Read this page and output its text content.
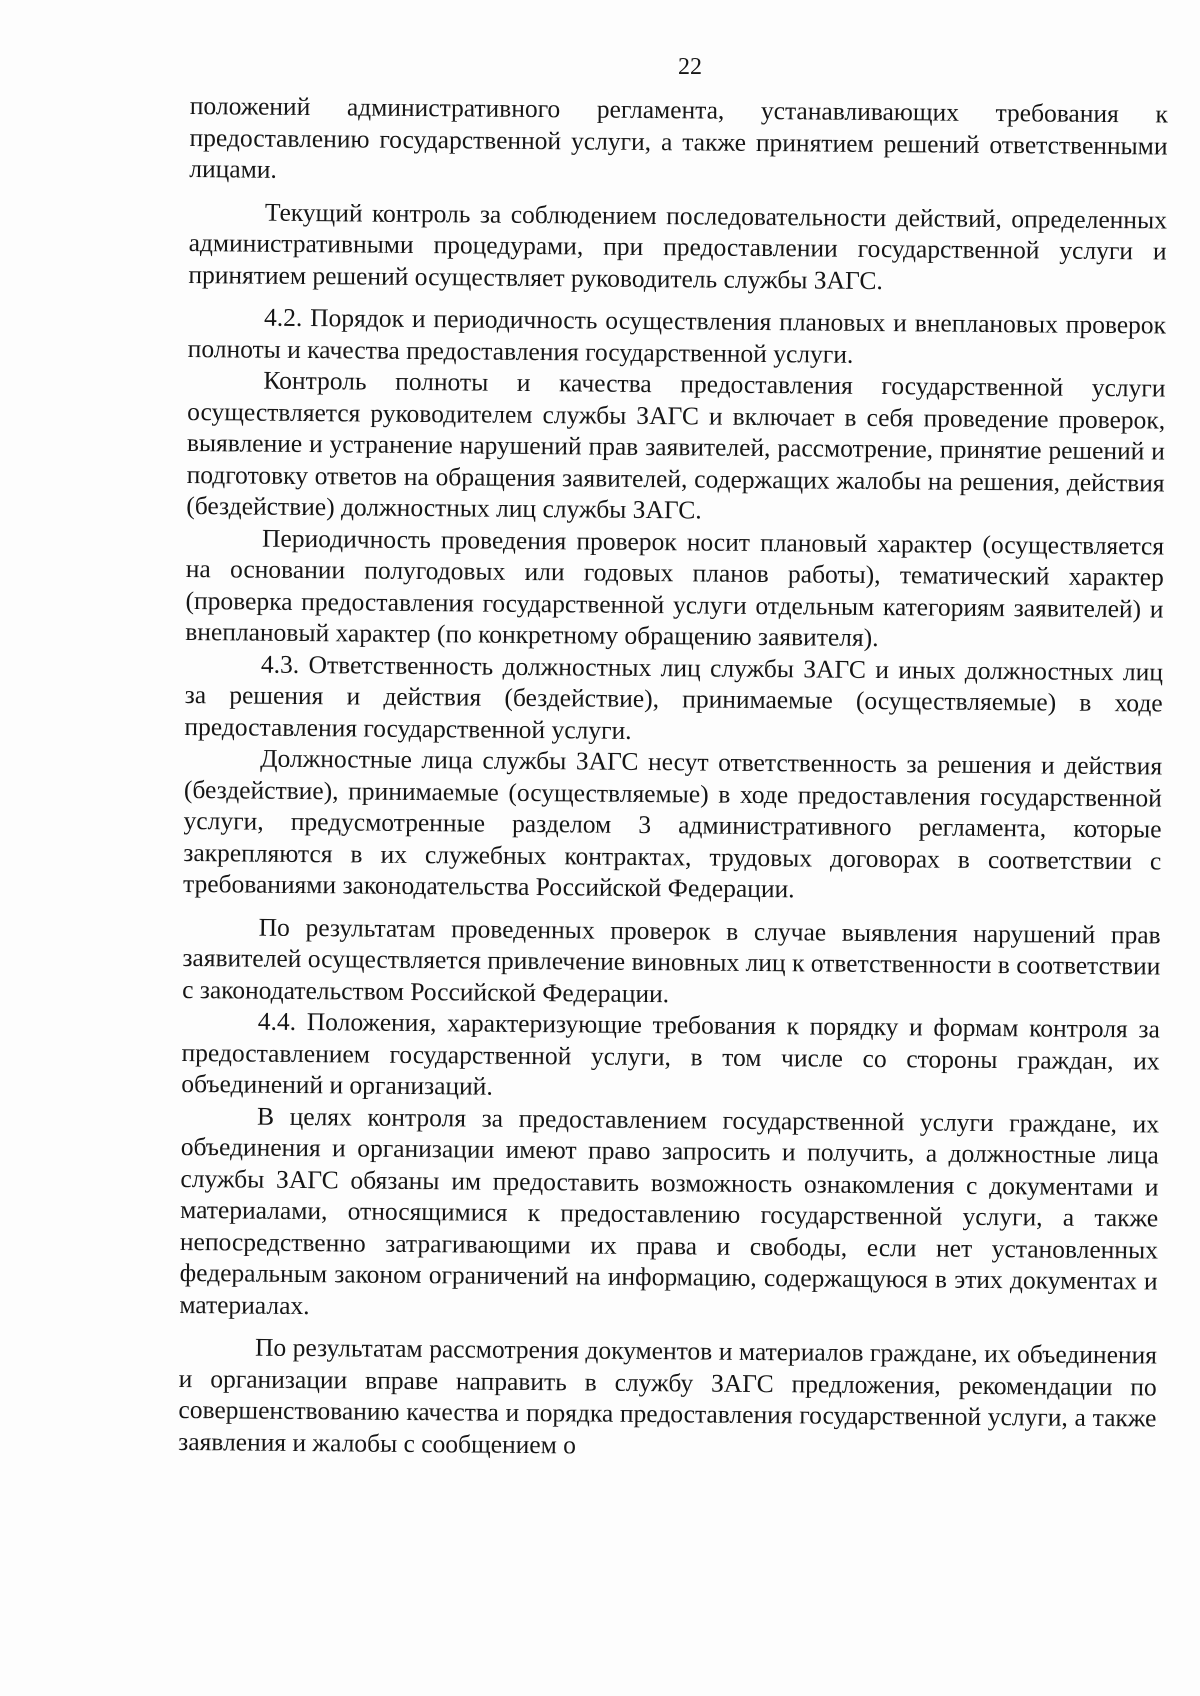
22

положений административного регламента, устанавливающих требования к предоставлению государственной услуги, а также принятием решений ответственными лицами.

Текущий контроль за соблюдением последовательности действий, определенных административными процедурами, при предоставлении государственной услуги и принятием решений осуществляет руководитель службы ЗАГС.

4.2. Порядок и периодичность осуществления плановых и внеплановых проверок полноты и качества предоставления государственной услуги.

Контроль полноты и качества предоставления государственной услуги осуществляется руководителем службы ЗАГС и включает в себя проведение проверок, выявление и устранение нарушений прав заявителей, рассмотрение, принятие решений и подготовку ответов на обращения заявителей, содержащих жалобы на решения, действия (бездействие) должностных лиц службы ЗАГС.

Периодичность проведения проверок носит плановый характер (осуществляется на основании полугодовых или годовых планов работы), тематический характер (проверка предоставления государственной услуги отдельным категориям заявителей) и внеплановый характер (по конкретному обращению заявителя).

4.3. Ответственность должностных лиц службы ЗАГС и иных должностных лиц за решения и действия (бездействие), принимаемые (осуществляемые) в ходе предоставления государственной услуги.

Должностные лица службы ЗАГС несут ответственность за решения и действия (бездействие), принимаемые (осуществляемые) в ходе предоставления государственной услуги, предусмотренные разделом 3 административного регламента, которые закрепляются в их служебных контрактах, трудовых договорах в соответствии с требованиями законодательства Российской Федерации.

По результатам проведенных проверок в случае выявления нарушений прав заявителей осуществляется привлечение виновных лиц к ответственности в соответствии с законодательством Российской Федерации.

4.4. Положения, характеризующие требования к порядку и формам контроля за предоставлением государственной услуги, в том числе со стороны граждан, их объединений и организаций.

В целях контроля за предоставлением государственной услуги граждане, их объединения и организации имеют право запросить и получить, а должностные лица службы ЗАГС обязаны им предоставить возможность ознакомления с документами и материалами, относящимися к предоставлению государственной услуги, а также непосредственно затрагивающими их права и свободы, если нет установленных федеральным законом ограничений на информацию, содержащуюся в этих документах и материалах.

По результатам рассмотрения документов и материалов граждане, их объединения и организации вправе направить в службу ЗАГС предложения, рекомендации по совершенствованию качества и порядка предоставления государственной услуги, а также заявления и жалобы с сообщением о
